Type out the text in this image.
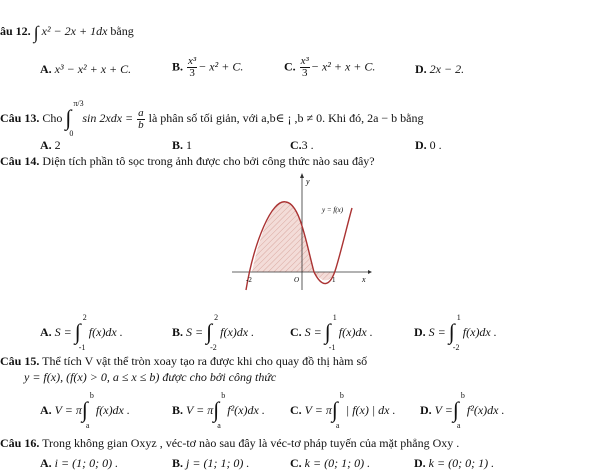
âu 12. ∫ x² − 2x + 1dx bằng
A. x³ − x² + x + C.	B. $\frac{\text{x³}}{3} - x^2 + C$.	C. $\frac{\text{x³}}{3} - x^2 + x + C$.	D. 2x − 2.
Câu 13. Cho ∫
π/3
0
$\sin 2xdx = \frac{a}{b}$ là phân số tối giản, với a,b∈ ¡ ,b ≠ 0. Khi đó, 2a − b bằng
A. 2	B. 1	C.3 .	D. 0 .
Câu 14. Diện tích phần tô sọc trong ảnh được cho bởi công thức nào sau đây?
y
y = f(x)
-2	1
O	x
A. S = ∫
2
-1
f(x)dx .	B. S = ∫
2
-2
f(x)dx .	C. S = ∫
1
-1
f(x)dx .	D. S = ∫
1
-2
f(x)dx .
Câu 15. Thể tích V vật thể tròn xoay tạo ra được khi cho quay đồ thị hàm số
y = f(x), (f(x) > 0, a ≤ x ≤ b) được cho bởi công thức
A. V = π ∫
b
a
f(x)dx .	B. V = π ∫
b
a
f²(x)dx . C. V = π ∫
b
a
| f(x) | dx . D. V = ∫
b
a
f²(x)dx .
Câu 16. Trong không gian Oxyz , véc-tơ nào sau đây là véc-tơ pháp tuyến của mặt phẳng Oxy .
A. i = (1; 0; 0) .	B. j = (1; 1; 0) .	C. k = (0; 1; 0) .	D. k = (0; 0; 1) .
